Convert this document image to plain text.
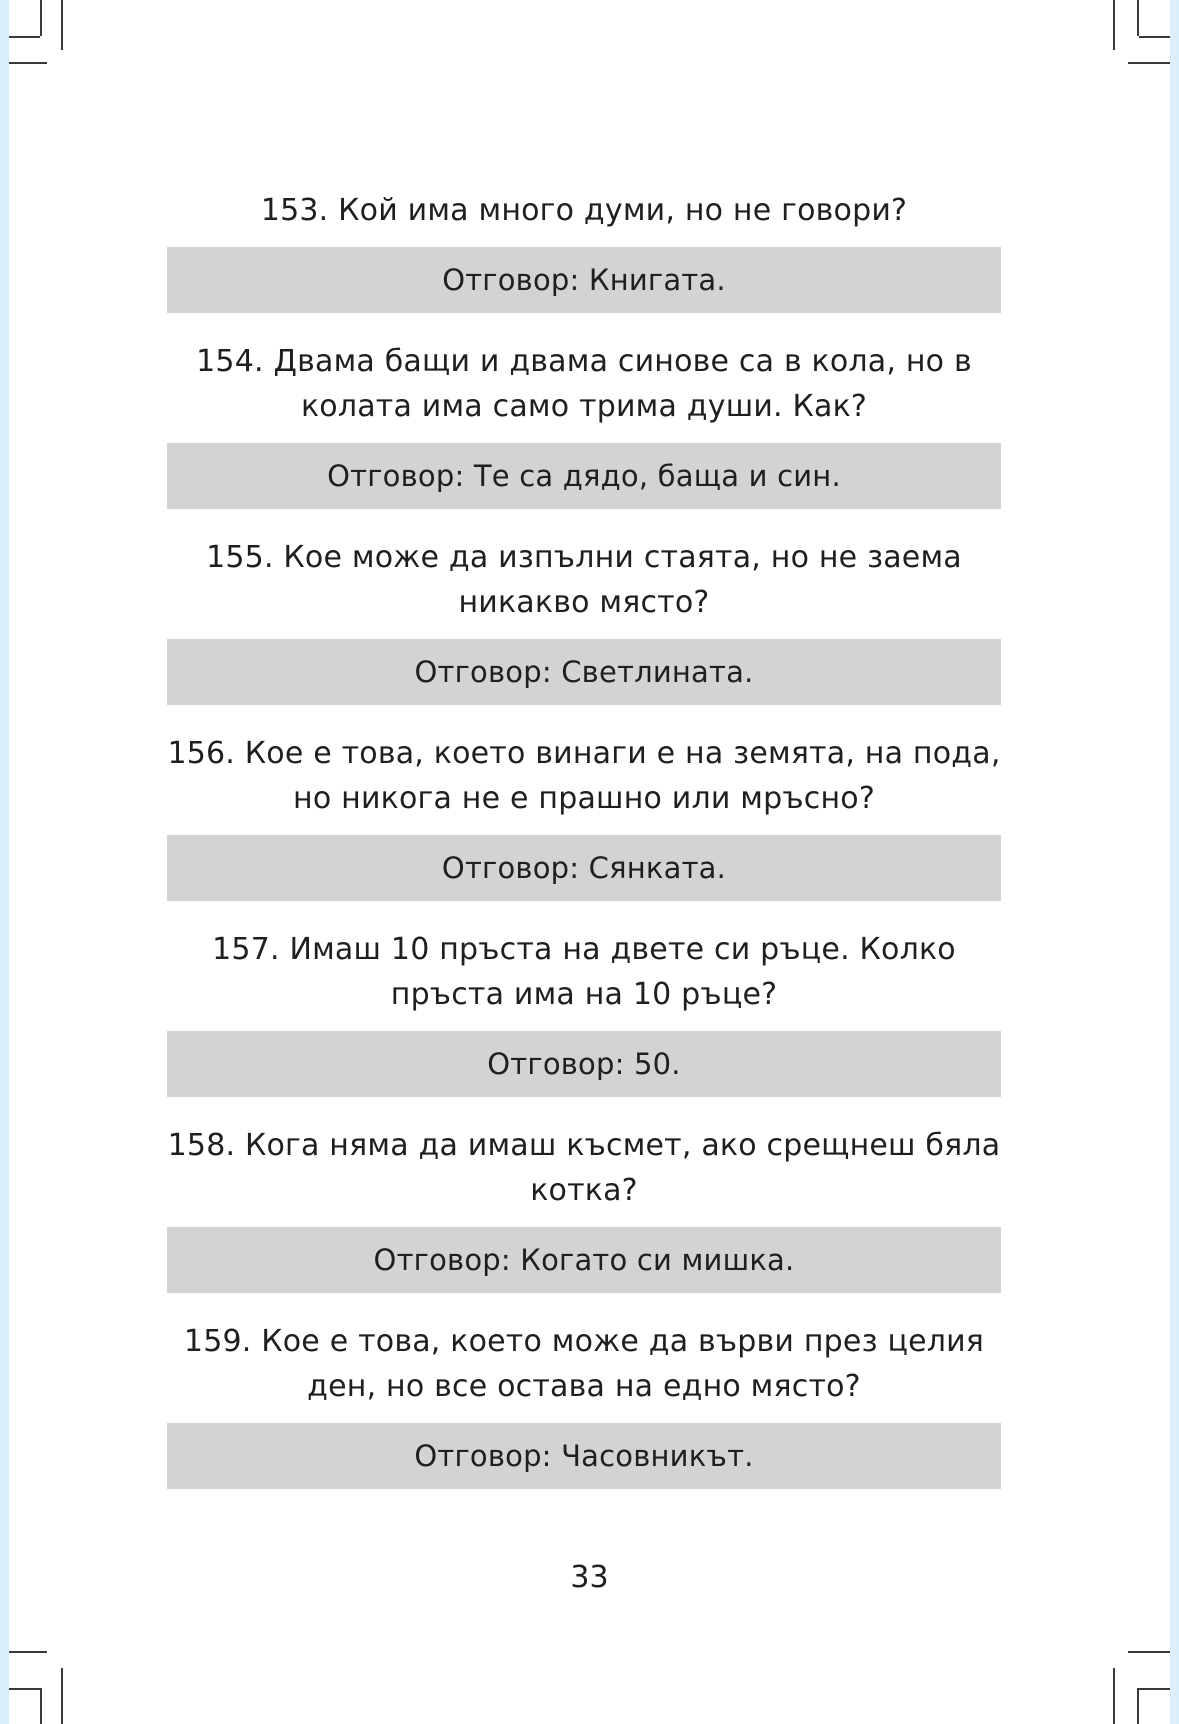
153. Кой има много думи, но не говори?

Отговор: Книгата.

154. Двама бащи и двама синове са в кола, но в колата има само трима души. Как?

Отговор: Те са дядо, баща и син.

155. Кое може да изпълни стаята, но не заема никакво място?

Отговор: Светлината.

156. Кое е това, което винаги е на земята, на пода, но никога не е прашно или мръсно?

Отговор: Сянката.

157. Имаш 10 пръста на двете си ръце. Колко пръста има на 10 ръце?

Отговор: 50.

158. Кога няма да имаш късмет, ако срещнеш бяла котка?

Отговор: Когато си мишка.

159. Кое е това, което може да върви през целия ден, но все остава на едно място?

Отговор: Часовникът.
33
